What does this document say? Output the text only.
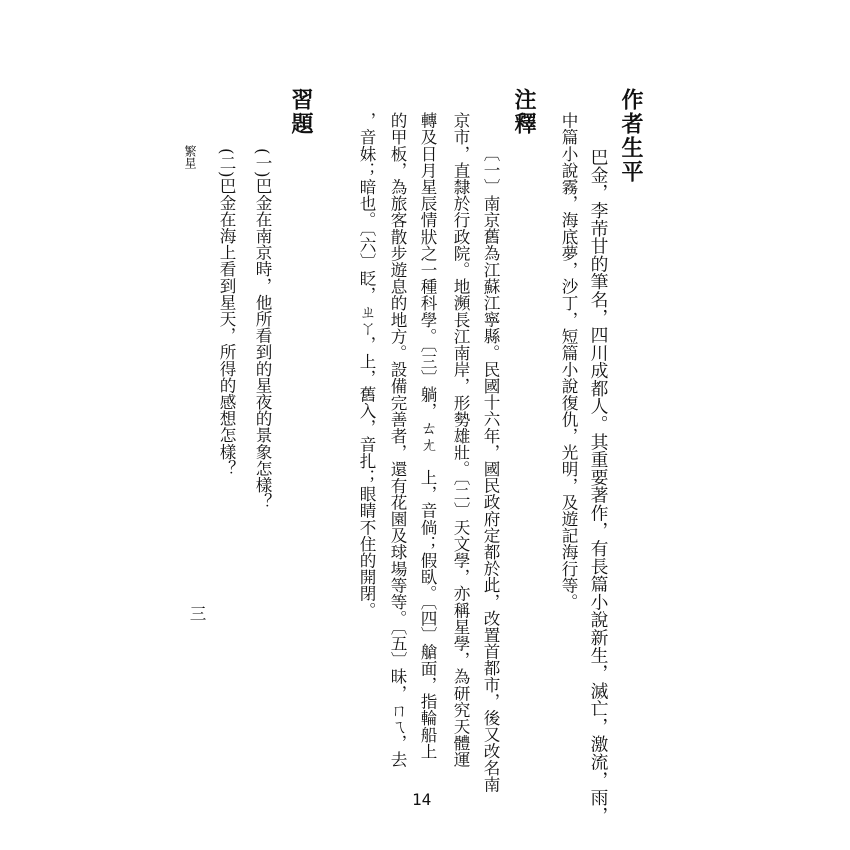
作者生平
巴金，李芾甘的筆名，四川成都人。其重要著作，有長篇小說新生，滅亡，激流，雨，
中篇小說霧，海底夢，沙丁，短篇小說復仇，光明，及遊記海行等。
注釋
〔一〕南京舊為江蘇江寧縣。民國十六年，國民政府定都於此，改置首都市，後又改名南
京市，直隸於行政院。地瀕長江南岸，形勢雄壯。〔二〕天文學，亦稱星學，為研究天體運
轉及日月星辰情狀之一種科學。〔三〕躺，ㄊㄤ　上，音倘；假臥。〔四〕艙面，指輪船上
的甲板，為旅客散步遊息的地方。設備完善者，還有花園及球場等等。〔五〕昧，ㄇㄟ，去
，音妹；暗也。〔六〕眨，ㄓㄚ，上，舊入，音扎；眼睛不住的開閉。
習題
(一)巴金在南京時，他所看到的星夜的景象怎樣？
(二)巴金在海上看到星天，所得的感想怎樣？
繁星
三
14
